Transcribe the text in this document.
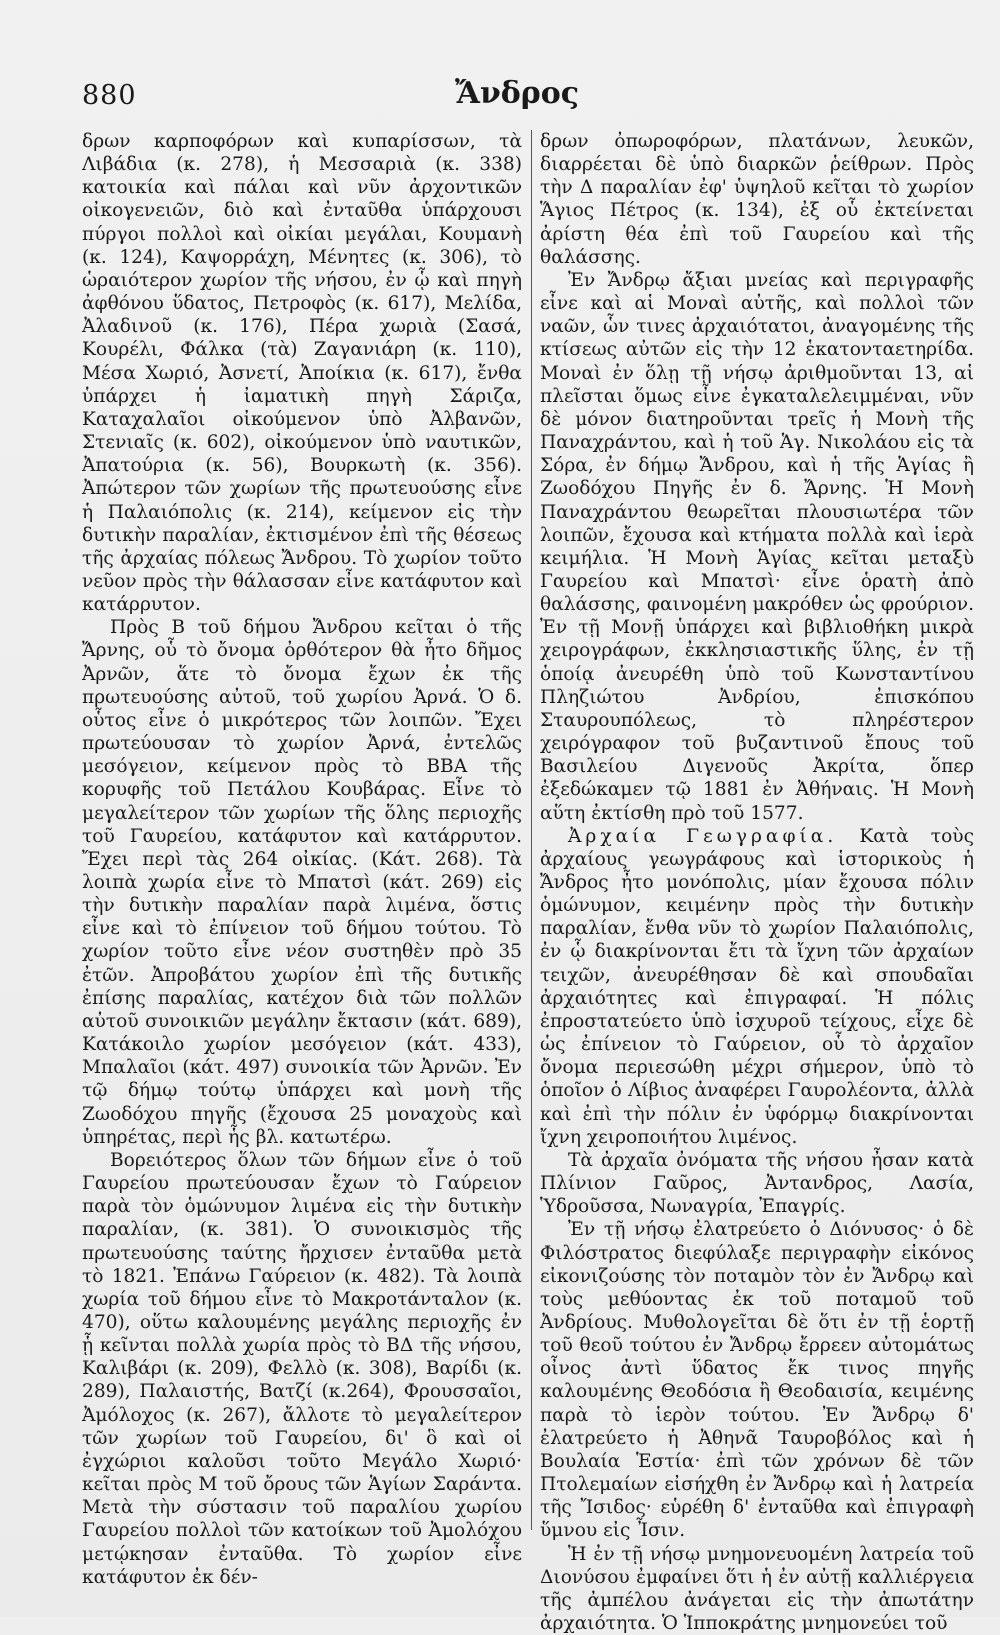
880	Ἄνδρος

δρων καρποφόρων καὶ κυπαρίσσων, τὰ Λιβάδια (κ. 278), ἡ Μεσσαριὰ (κ. 338) κατοικία καὶ πάλαι καὶ νῦν ἀρχοντικῶν οἰκογενειῶν, διὸ καὶ ἐνταῦθα ὑπάρχουσι πύργοι πολλοὶ καὶ οἰκίαι μεγάλαι, Κουμανὴ (κ. 124), Καψορράχη, Μένητες (κ. 306), τὸ ὡραιότερον χωρίον τῆς νήσου, ἐν ᾧ καὶ πηγὴ ἀφθόνου ὕδατος, Πετροφὸς (κ. 617), Μελίδα, Ἀλαδινοῦ (κ. 176), Πέρα χωριὰ (Σασά, Κουρέλι, Φάλκα (τὰ) Ζαγανιάρη (κ. 110), Μέσα Χωριό, Ἀσνετί, Ἀποίκια (κ. 617), ἔνθα ὑπάρχει ἡ ἰαματικὴ πηγὴ Σάριζα, Καταχαλαῖοι οἰκούμενον ὑπὸ Ἀλβανῶν, Στενιαῖς (κ. 602), οἰκούμενον ὑπὸ ναυτικῶν, Ἀπατούρια (κ. 56), Βουρκωτὴ (κ. 356). Ἀπώτερον τῶν χωρίων τῆς πρωτευούσης εἶνε ἡ Παλαιόπολις (κ. 214), κείμενον εἰς τὴν δυτικὴν παραλίαν, ἐκτισμένον ἐπὶ τῆς θέσεως τῆς ἀρχαίας πόλεως Ἄνδρου. Τὸ χωρίον τοῦτο νεῦον πρὸς τὴν θάλασσαν εἶνε κατάφυτον καὶ κατάρρυτον.

Πρὸς Β τοῦ δήμου Ἄνδρου κεῖται ὁ τῆς Ἄρνης, οὗ τὸ ὄνομα ὀρθότερον θὰ ἦτο δῆμος Ἀρνῶν, ἅτε τὸ ὄνομα ἔχων ἐκ τῆς πρωτευούσης αὐτοῦ, τοῦ χωρίου Ἀρνά. Ὁ δ. οὗτος εἶνε ὁ μικρότερος τῶν λοιπῶν. Ἔχει πρωτεύουσαν τὸ χωρίον Ἀρνά, ἐντελῶς μεσόγειον, κείμενον πρὸς τὸ ΒΒΑ τῆς κορυφῆς τοῦ Πετάλου Κουβάρας. Εἶνε τὸ μεγαλείτερον τῶν χωρίων τῆς ὅλης περιοχῆς τοῦ Γαυρείου, κατάφυτον καὶ κατάρρυτον. Ἔχει περὶ τὰς 264 οἰκίας. (Κάτ. 268). Τὰ λοιπὰ χωρία εἶνε τὸ Μπατσὶ (κάτ. 269) εἰς τὴν δυτικὴν παραλίαν παρὰ λιμένα, ὅστις εἶνε καὶ τὸ ἐπίνειον τοῦ δήμου τούτου. Τὸ χωρίον τοῦτο εἶνε νέον συστηθὲν πρὸ 35 ἐτῶν. Ἀπροβάτου χωρίον ἐπὶ τῆς δυτικῆς ἐπίσης παραλίας, κατέχον διὰ τῶν πολλῶν αὐτοῦ συνοικιῶν μεγάλην ἔκτασιν (κάτ. 689), Κατάκοιλο χωρίον μεσόγειον (κάτ. 433), Μπαλαῖοι (κάτ. 497) συνοικία τῶν Ἀρνῶν. Ἐν τῷ δήμῳ τούτῳ ὑπάρχει καὶ μονὴ τῆς Ζωοδόχου πηγῆς (ἔχουσα 25 μοναχοὺς καὶ ὑπηρέτας, περὶ ἧς βλ. κατωτέρω.

Βορειότερος ὅλων τῶν δήμων εἶνε ὁ τοῦ Γαυρείου πρωτεύουσαν ἔχων τὸ Γαύρειον παρὰ τὸν ὁμώνυμον λιμένα εἰς τὴν δυτικὴν παραλίαν, (κ. 381). Ὁ συνοικισμὸς τῆς πρωτευούσης ταύτης ἤρχισεν ἐνταῦθα μετὰ τὸ 1821. Ἐπάνω Γαύρειον (κ. 482). Τὰ λοιπὰ χωρία τοῦ δήμου εἶνε τὸ Μακροτάνταλον (κ. 470), οὕτω καλουμένης μεγάλης περιοχῆς ἐν ᾗ κεῖνται πολλὰ χωρία πρὸς τὸ ΒΔ τῆς νήσου, Καλιβάρι (κ. 209), Φελλὸ (κ. 308), Βαρίδι (κ. 289), Παλαιστής, Βατζί (κ.264), Φρουσσαῖοι, Ἀμόλοχος (κ. 267), ἄλλοτε τὸ μεγαλείτερον τῶν χωρίων τοῦ Γαυρείου, δι' ὃ καὶ οἱ ἐγχώριοι καλοῦσι τοῦτο Μεγάλο Χωριό· κεῖται πρὸς Μ τοῦ ὄρους τῶν Ἁγίων Σαράντα. Μετὰ τὴν σύστασιν τοῦ παραλίου χωρίου Γαυρείου πολλοὶ τῶν κατοίκων τοῦ Ἀμολόχου μετῴκησαν ἐνταῦθα. Τὸ χωρίον εἶνε κατάφυτον ἐκ δέν-

δρων ὀπωροφόρων, πλατάνων, λευκῶν, διαρρέεται δὲ ὑπὸ διαρκῶν ῥείθρων. Πρὸς τὴν Δ παραλίαν ἐφ' ὑψηλοῦ κεῖται τὸ χωρίον Ἅγιος Πέτρος (κ. 134), ἐξ οὗ ἐκτείνεται ἀρίστη θέα ἐπὶ τοῦ Γαυρείου καὶ τῆς θαλάσσης.

Ἐν Ἄνδρῳ ἄξιαι μνείας καὶ περιγραφῆς εἶνε καὶ αἱ Μοναὶ αὐτῆς, καὶ πολλοὶ τῶν ναῶν, ὧν τινες ἀρχαιότατοι, ἀναγομένης τῆς κτίσεως αὐτῶν εἰς τὴν 12 ἑκατονταετηρίδα. Μοναὶ ἐν ὅλῃ τῇ νήσῳ ἀριθμοῦνται 13, αἱ πλεῖσται ὅμως εἶνε ἐγκαταλελειμμέναι, νῦν δὲ μόνον διατηροῦνται τρεῖς ἡ Μονὴ τῆς Παναχράντου, καὶ ἡ τοῦ Ἁγ. Νικολάου εἰς τὰ Σόρα, ἐν δήμῳ Ἄνδρου, καὶ ἡ τῆς Ἁγίας ἢ Ζωοδόχου Πηγῆς ἐν δ. Ἄρνης. Ἡ Μονὴ Παναχράντου θεωρεῖται πλουσιωτέρα τῶν λοιπῶν, ἔχουσα καὶ κτήματα πολλὰ καὶ ἱερὰ κειμήλια. Ἡ Μονὴ Ἁγίας κεῖται μεταξὺ Γαυρείου καὶ Μπατσὶ· εἶνε ὁρατὴ ἀπὸ θαλάσσης, φαινομένη μακρόθεν ὡς φρούριον. Ἐν τῇ Μονῇ ὑπάρχει καὶ βιβλιοθήκη μικρὰ χειρογράφων, ἐκκλησιαστικῆς ὕλης, ἐν τῇ ὁποίᾳ ἀνευρέθη ὑπὸ τοῦ Κωνσταντίνου Πληζιώτου Ἀνδρίου, ἐπισκόπου Σταυρουπόλεως, τὸ πληρέστερον χειρόγραφον τοῦ βυζαντινοῦ ἔπους τοῦ Βασιλείου Διγενοῦς Ἀκρίτα, ὅπερ ἐξεδώκαμεν τῷ 1881 ἐν Ἀθήναις. Ἡ Μονὴ αὕτη ἐκτίσθη πρὸ τοῦ 1577.

Ἀρχαία Γεωγραφία. Κατὰ τοὺς ἀρχαίους γεωγράφους καὶ ἱστορικοὺς ἡ Ἄνδρος ἦτο μονόπολις, μίαν ἔχουσα πόλιν ὁμώνυμον, κειμένην πρὸς τὴν δυτικὴν παραλίαν, ἔνθα νῦν τὸ χωρίον Παλαιόπολις, ἐν ᾧ διακρίνονται ἔτι τὰ ἴχνη τῶν ἀρχαίων τειχῶν, ἀνευρέθησαν δὲ καὶ σπουδαῖαι ἀρχαιότητες καὶ ἐπιγραφαί. Ἡ πόλις ἐπροστατεύετο ὑπὸ ἰσχυροῦ τείχους, εἶχε δὲ ὡς ἐπίνειον τὸ Γαύρειον, οὗ τὸ ἀρχαῖον ὄνομα περιεσώθη μέχρι σήμερον, ὑπὸ τὸ ὁποῖον ὁ Λίβιος ἀναφέρει Γαυρολέοντα, ἀλλὰ καὶ ἐπὶ τὴν πόλιν ἐν ὑφόρμῳ διακρίνονται ἴχνη χειροποιήτου λιμένος.

Τὰ ἀρχαῖα ὀνόματα τῆς νήσου ἦσαν κατὰ Πλίνιον Γαῦρος, Ἀντανδρος, Λασία, Ὑδροῦσσα, Νωναγρία, Ἐπαγρίς.

Ἐν τῇ νήσῳ ἐλατρεύετο ὁ Διόνυσος· ὁ δὲ Φιλόστρατος διεφύλαξε περιγραφὴν εἰκόνος εἰκονιζούσης τὸν ποταμὸν τὸν ἐν Ἄνδρῳ καὶ τοὺς μεθύοντας ἐκ τοῦ ποταμοῦ τοῦ Ἀνδρίους. Μυθολογεῖται δὲ ὅτι ἐν τῇ ἑορτῇ τοῦ θεοῦ τούτου ἐν Ἄνδρῳ ἔρρεεν αὐτομάτως οἶνος ἀντὶ ὕδατος ἔκ τινος πηγῆς καλουμένης Θεοδόσια ἢ Θεοδαισία, κειμένης παρὰ τὸ ἱερὸν τούτου. Ἐν Ἄνδρῳ δ' ἐλατρεύετο ἡ Ἀθηνᾶ Ταυροβόλος καὶ ἡ Βουλαία Ἑστία· ἐπὶ τῶν χρόνων δὲ τῶν Πτολεμαίων εἰσήχθη ἐν Ἄνδρῳ καὶ ἡ λατρεία τῆς Ἴσιδος· εὑρέθη δ' ἐνταῦθα καὶ ἐπιγραφὴ ὕμνου εἰς Ἶσιν.

Ἡ ἐν τῇ νήσῳ μνημονευομένη λατρεία τοῦ Διονύσου ἐμφαίνει ὅτι ἡ ἐν αὐτῇ καλλιέργεια τῆς ἀμπέλου ἀνάγεται εἰς τὴν ἀπωτάτην ἀρχαιότητα. Ὁ Ἱπποκράτης μνημονεύει τοῦ
